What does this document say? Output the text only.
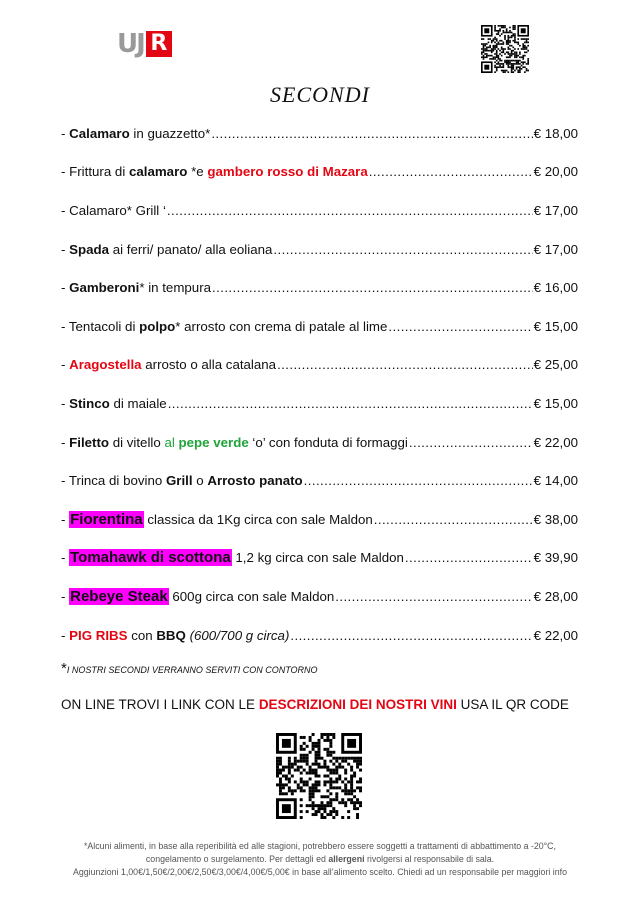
UJ R
SECONDI
- Calamaro in guazzetto* .....	€ 18,00
- Frittura di calamaro *e gambero rosso di Mazara .....	€ 20,00
- Calamaro* Grill ‘ .....	€ 17,00
- Spada ai ferri/ panato/ alla eoliana .....	€ 17,00
- Gamberoni* in tempura .....	€ 16,00
- Tentacoli di polpo* arrosto con crema di patale al lime .....	€ 15,00
- Aragostella arrosto o alla catalana .....	€ 25,00
- Stinco di maiale .....	€ 15,00
- Filetto di vitello al pepe verde ‘o’ con fonduta di formaggi .....	€ 22,00
- Trinca di bovino Grill o Arrosto panato .....	€ 14,00
- Fiorentina classica da 1Kg circa con sale Maldon .....	€ 38,00
- Tomahawk di scottona 1,2 kg circa con sale Maldon .....	€ 39,90
- Rebeye Steak 600g circa con sale Maldon .....	€ 28,00
- PIG RIBS con BBQ (600/700 g circa) .....	€ 22,00
*I NOSTRI SECONDI VERRANNO SERVITI CON CONTORNO
ON LINE TROVI I LINK CON LE DESCRIZIONI DEI NOSTRI VINI USA IL QR CODE
*Alcuni alimenti, in base alla reperibilità ed alle stagioni, potrebbero essere soggetti a trattamenti di abbattimento a -20°C,
congelamento o surgelamento. Per dettagli ed allergeni rivolgersi al responsabile di sala.
Aggiunzioni 1,00€/1,50€/2,00€/2,50€/3,00€/4,00€/5,00€ in base all’alimento scelto. Chiedi ad un responsabile per maggiori info
